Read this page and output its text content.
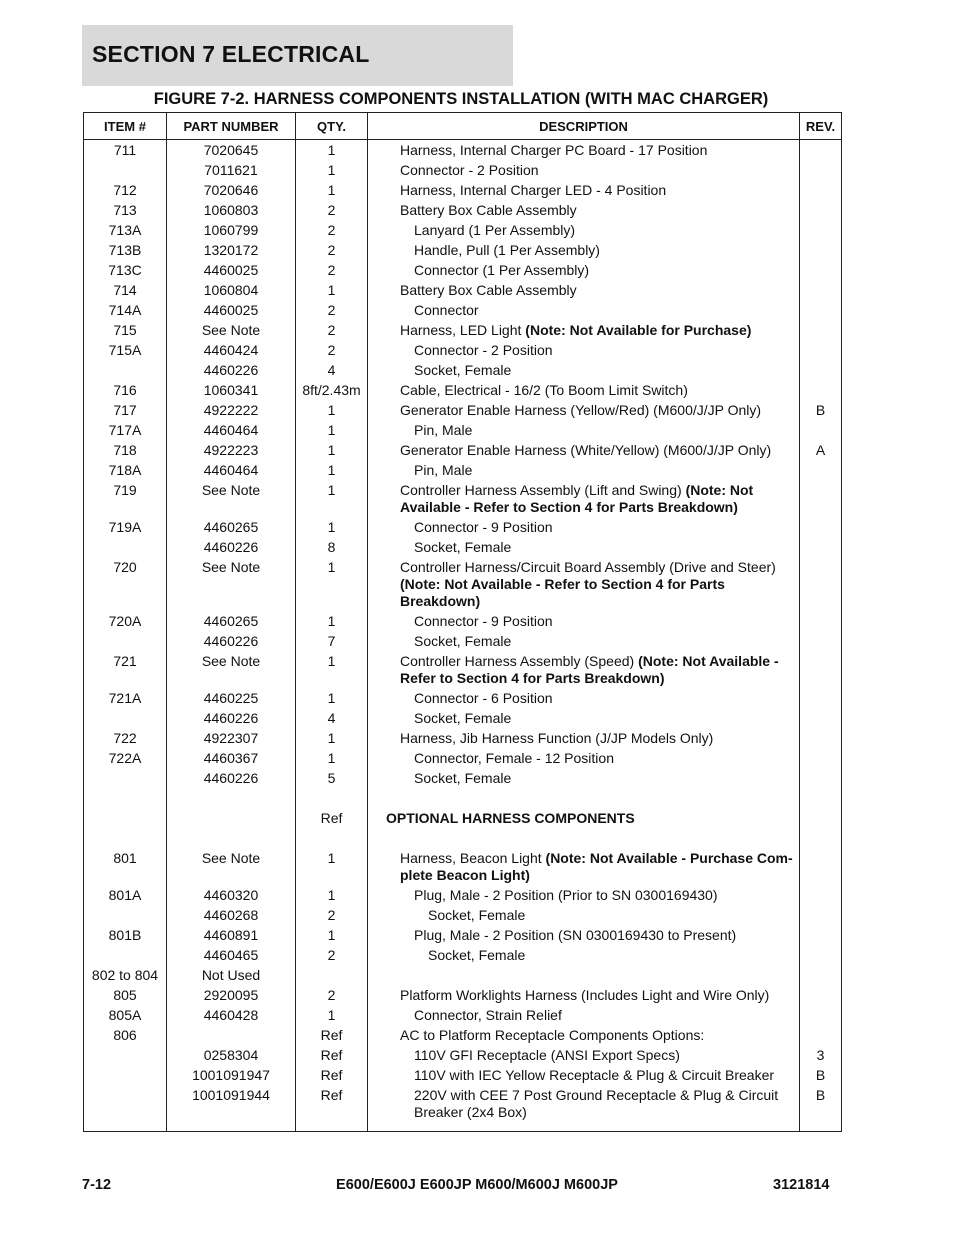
SECTION 7 ELECTRICAL
FIGURE 7-2. HARNESS COMPONENTS INSTALLATION (WITH MAC CHARGER)
ITEM #	PART NUMBER	QTY.	DESCRIPTION	REV.
711	7020645	1	Harness, Internal Charger PC Board - 17 Position	
	7011621	1	Connector - 2 Position	
712	7020646	1	Harness, Internal Charger LED - 4 Position	
713	1060803	2	Battery Box Cable Assembly	
713A	1060799	2	Lanyard (1 Per Assembly)	
713B	1320172	2	Handle, Pull (1 Per Assembly)	
713C	4460025	2	Connector (1 Per Assembly)	
714	1060804	1	Battery Box Cable Assembly	
714A	4460025	2	Connector	
715	See Note	2	Harness, LED Light (Note: Not Available for Purchase)	
715A	4460424	2	Connector - 2 Position	
	4460226	4	Socket, Female	
716	1060341	8ft/2.43m	Cable, Electrical - 16/2 (To Boom Limit Switch)	
717	4922222	1	Generator Enable Harness (Yellow/Red) (M600/J/JP Only)	B
717A	4460464	1	Pin, Male	
718	4922223	1	Generator Enable Harness (White/Yellow) (M600/J/JP Only)	A
718A	4460464	1	Pin, Male	
719	See Note	1	Controller Harness Assembly (Lift and Swing) (Note: Not Available - Refer to Section 4 for Parts Breakdown)	
719A	4460265	1	Connector - 9 Position	
	4460226	8	Socket, Female	
720	See Note	1	Controller Harness/Circuit Board Assembly (Drive and Steer) (Note: Not Available - Refer to Section 4 for Parts Breakdown)	
720A	4460265	1	Connector - 9 Position	
	4460226	7	Socket, Female	
721	See Note	1	Controller Harness Assembly (Speed) (Note: Not Available - Refer to Section 4 for Parts Breakdown)	
721A	4460225	1	Connector - 6 Position	
	4460226	4	Socket, Female	
722	4922307	1	Harness, Jib Harness Function (J/JP Models Only)	
722A	4460367	1	Connector, Female - 12 Position	
	4460226	5	Socket, Female	

		Ref	OPTIONAL HARNESS COMPONENTS	
801	See Note	1	Harness, Beacon Light (Note: Not Available - Purchase Com-plete Beacon Light)	
801A	4460320	1	Plug, Male - 2 Position (Prior to SN 0300169430)	
	4460268	2	Socket, Female	
801B	4460891	1	Plug, Male - 2 Position (SN 0300169430 to Present)	
	4460465	2	Socket, Female	
802 to 804	Not Used			
805	2920095	2	Platform Worklights Harness (Includes Light and Wire Only)	
805A	4460428	1	Connector, Strain Relief	
806		Ref	AC to Platform Receptacle Components Options:	
	0258304	Ref	110V GFI Receptacle (ANSI Export Specs)	3
	1001091947	Ref	110V with IEC Yellow Receptacle & Plug & Circuit Breaker	B
	1001091944	Ref	220V with CEE 7 Post Ground Receptacle & Plug & Circuit Breaker (2x4 Box)	B
7-12	E600/E600J E600JP M600/M600J M600JP	3121814
